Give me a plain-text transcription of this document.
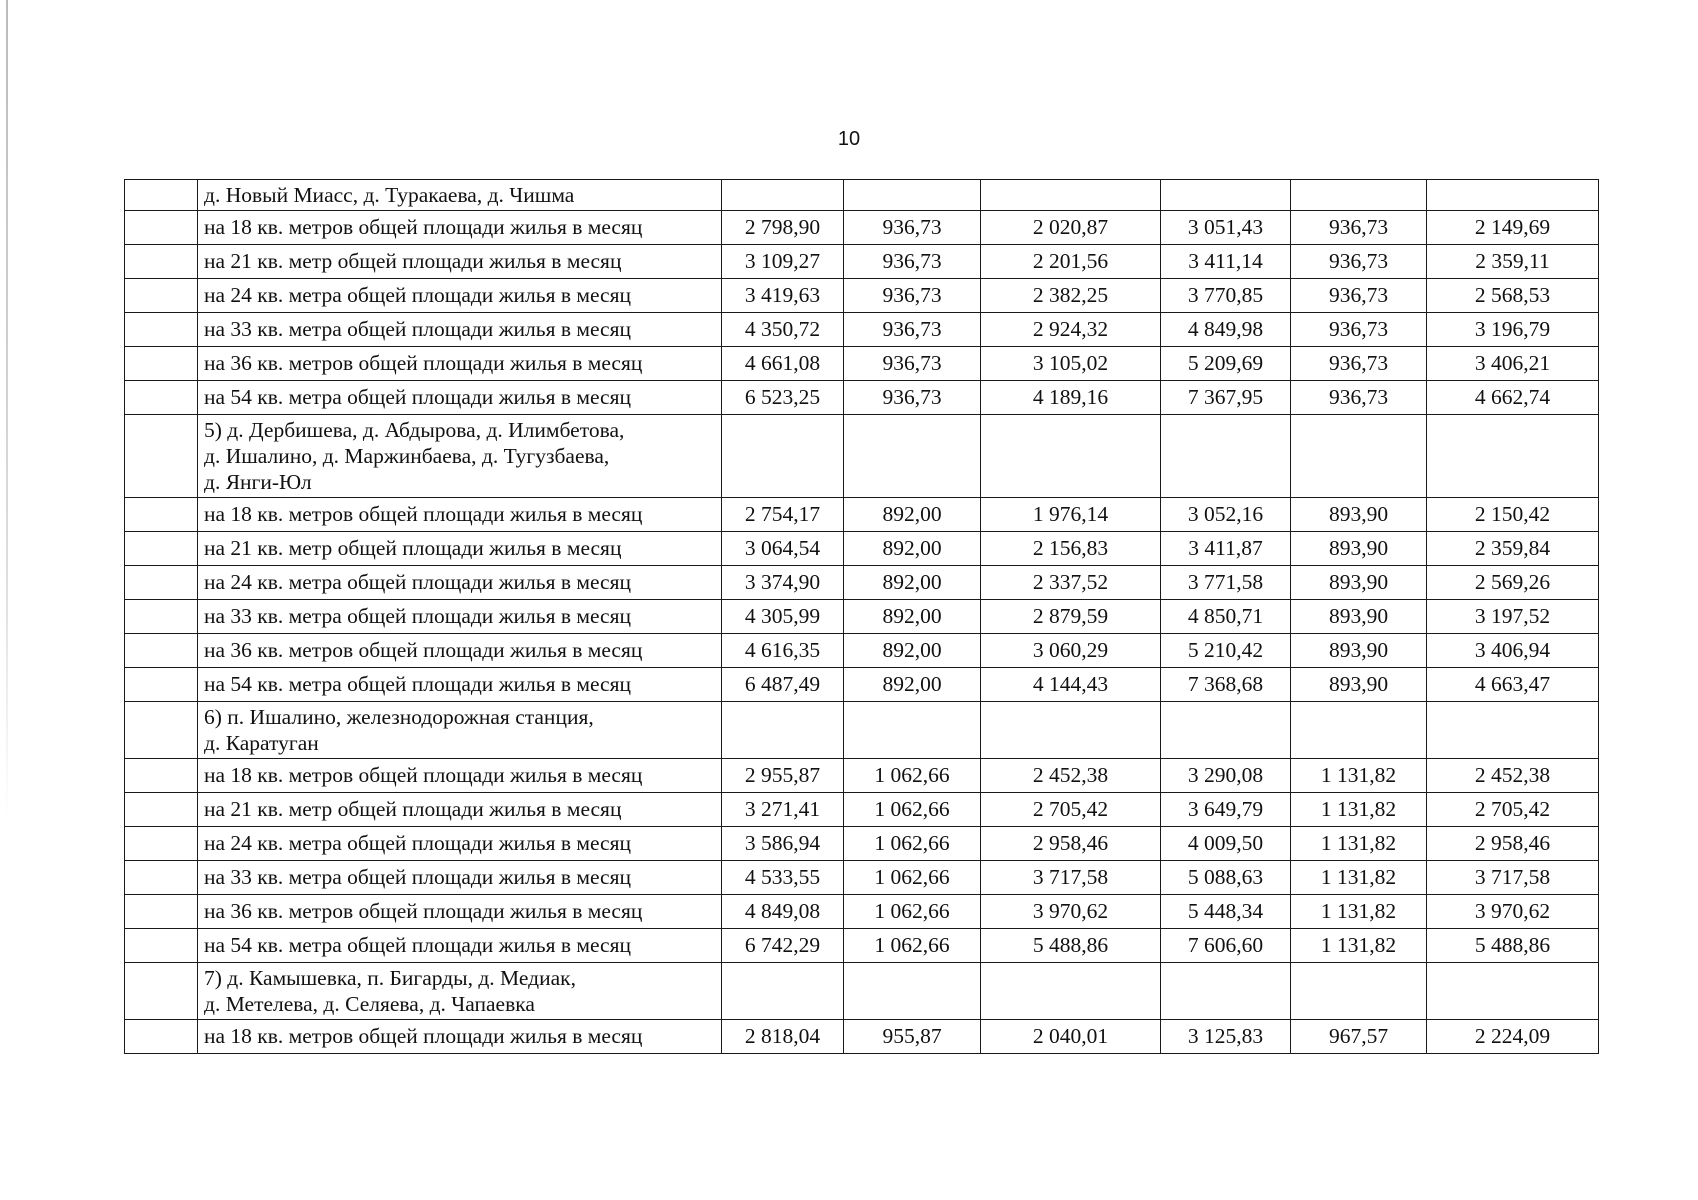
10

	д. Новый Миасс, д. Туракаева, д. Чишма						

	на 18 кв. метров общей площади жилья в месяц	2 798,90	936,73	2 020,87	3 051,43	936,73	2 149,69
	на 21 кв. метр общей площади жилья в месяц	3 109,27	936,73	2 201,56	3 411,14	936,73	2 359,11
	на 24 кв. метра общей площади жилья в месяц	3 419,63	936,73	2 382,25	3 770,85	936,73	2 568,53
	на 33 кв. метра общей площади жилья в месяц	4 350,72	936,73	2 924,32	4 849,98	936,73	3 196,79
	на 36 кв. метров общей площади жилья в месяц	4 661,08	936,73	3 105,02	5 209,69	936,73	3 406,21
	на 54 кв. метра общей площади жилья в месяц	6 523,25	936,73	4 189,16	7 367,95	936,73	4 662,74

	5) д. Дербишева, д. Абдырова, д. Илимбетова,
д. Ишалино, д. Маржинбаева, д. Тугузбаева,
д. Янги-Юл						

	на 18 кв. метров общей площади жилья в месяц	2 754,17	892,00	1 976,14	3 052,16	893,90	2 150,42
	на 21 кв. метр общей площади жилья в месяц	3 064,54	892,00	2 156,83	3 411,87	893,90	2 359,84
	на 24 кв. метра общей площади жилья в месяц	3 374,90	892,00	2 337,52	3 771,58	893,90	2 569,26
	на 33 кв. метра общей площади жилья в месяц	4 305,99	892,00	2 879,59	4 850,71	893,90	3 197,52
	на 36 кв. метров общей площади жилья в месяц	4 616,35	892,00	3 060,29	5 210,42	893,90	3 406,94
	на 54 кв. метра общей площади жилья в месяц	6 487,49	892,00	4 144,43	7 368,68	893,90	4 663,47

	6) п. Ишалино, железнодорожная станция,
д. Каратуган						

	на 18 кв. метров общей площади жилья в месяц	2 955,87	1 062,66	2 452,38	3 290,08	1 131,82	2 452,38
	на 21 кв. метр общей площади жилья в месяц	3 271,41	1 062,66	2 705,42	3 649,79	1 131,82	2 705,42
	на 24 кв. метра общей площади жилья в месяц	3 586,94	1 062,66	2 958,46	4 009,50	1 131,82	2 958,46
	на 33 кв. метра общей площади жилья в месяц	4 533,55	1 062,66	3 717,58	5 088,63	1 131,82	3 717,58
	на 36 кв. метров общей площади жилья в месяц	4 849,08	1 062,66	3 970,62	5 448,34	1 131,82	3 970,62
	на 54 кв. метра общей площади жилья в месяц	6 742,29	1 062,66	5 488,86	7 606,60	1 131,82	5 488,86

	7) д. Камышевка, п. Бигарды, д. Медиак,
д. Метелева, д. Селяева, д. Чапаевка						

	на 18 кв. метров общей площади жилья в месяц	2 818,04	955,87	2 040,01	3 125,83	967,57	2 224,09
